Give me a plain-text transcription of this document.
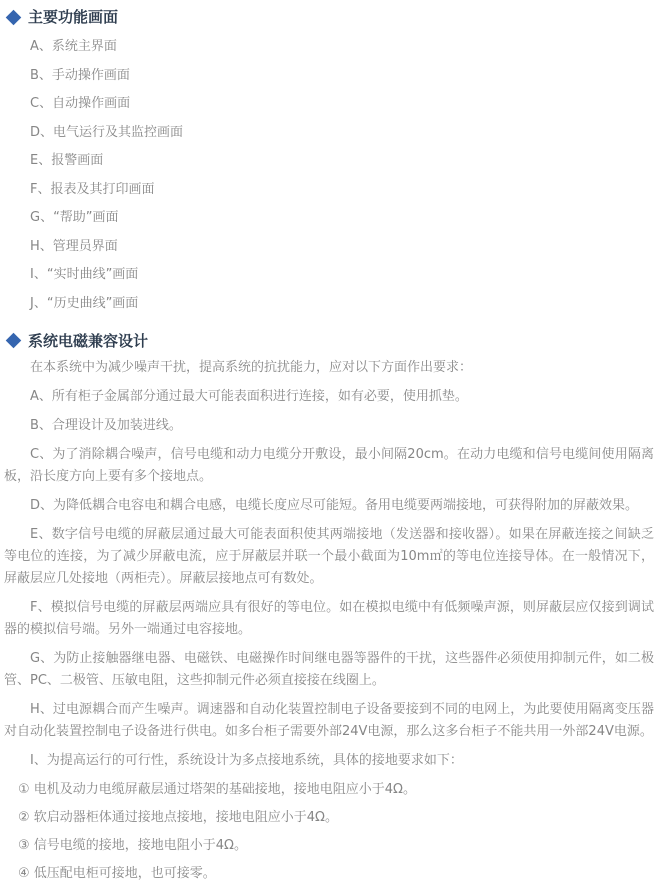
主要功能画面
A、系统主界面
B、手动操作画面
C、自动操作画面
D、电气运行及其监控画面
E、报警画面
F、报表及其打印画面
G、“帮助”画面
H、管理员界面
I、“实时曲线”画面
J、“历史曲线”画面
系统电磁兼容设计

在本系统中为减少噪声干扰，提高系统的抗扰能力，应对以下方面作出要求：

A、所有柜子金属部分通过最大可能表面积进行连接，如有必要，使用抓垫。

B、合理设计及加装进线。

C、为了消除耦合噪声，信号电缆和动力电缆分开敷设，最小间隔20cm。在动力电缆和信号电缆间使用隔离板，沿长度方向上要有多个接地点。

D、为降低耦合电容电和耦合电感，电缆长度应尽可能短。备用电缆要两端接地，可获得附加的屏蔽效果。

E、数字信号电缆的屏蔽层通过最大可能表面积使其两端接地（发送器和接收器）。如果在屏蔽连接之间缺乏等电位的连接，为了减少屏蔽电流，应于屏蔽层并联一个最小截面为10m㎡的等电位连接导体。在一般情况下，屏蔽层应几处接地（两柜壳）。屏蔽层接地点可有数处。

F、模拟信号电缆的屏蔽层两端应具有很好的等电位。如在模拟电缆中有低频噪声源，则屏蔽层应仅接到调试器的模拟信号端。另外一端通过电容接地。

G、为防止接触器继电器、电磁铁、电磁操作时间继电器等器件的干扰，这些器件必须使用抑制元件，如二极管、PC、二极管、压敏电阻，这些抑制元件必须直接接在线圈上。

H、过电源耦合而产生噪声。调速器和自动化装置控制电子设备要接到不同的电网上，为此要使用隔离变压器对自动化装置控制电子设备进行供电。如多台柜子需要外部24V电源，那么这多台柜子不能共用一外部24V电源。

I、为提高运行的可行性，系统设计为多点接地系统，具体的接地要求如下：

① 电机及动力电缆屏蔽层通过塔架的基础接地，接地电阻应小于4Ω。
② 软启动器柜体通过接地点接地，接地电阻应小于4Ω。
③ 信号电缆的接地，接地电阻小于4Ω。
④ 低压配电柜可接地，也可接零。
